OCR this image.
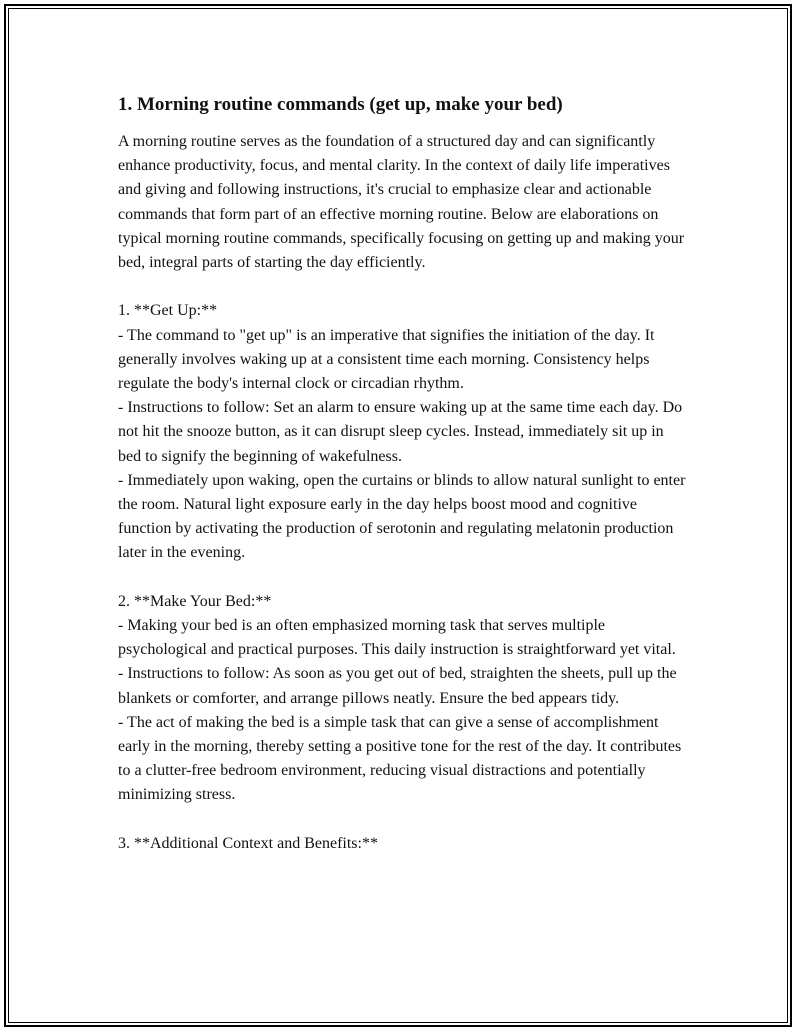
1. Morning routine commands (get up, make your bed)

A morning routine serves as the foundation of a structured day and can significantly enhance productivity, focus, and mental clarity. In the context of daily life imperatives and giving and following instructions, it's crucial to emphasize clear and actionable commands that form part of an effective morning routine. Below are elaborations on typical morning routine commands, specifically focusing on getting up and making your bed, integral parts of starting the day efficiently.

1. **Get Up:**

- The command to "get up" is an imperative that signifies the initiation of the day. It generally involves waking up at a consistent time each morning. Consistency helps regulate the body's internal clock or circadian rhythm.

- Instructions to follow: Set an alarm to ensure waking up at the same time each day. Do not hit the snooze button, as it can disrupt sleep cycles. Instead, immediately sit up in bed to signify the beginning of wakefulness.

- Immediately upon waking, open the curtains or blinds to allow natural sunlight to enter the room. Natural light exposure early in the day helps boost mood and cognitive function by activating the production of serotonin and regulating melatonin production later in the evening.

2. **Make Your Bed:**

- Making your bed is an often emphasized morning task that serves multiple psychological and practical purposes. This daily instruction is straightforward yet vital.

- Instructions to follow: As soon as you get out of bed, straighten the sheets, pull up the blankets or comforter, and arrange pillows neatly. Ensure the bed appears tidy.

- The act of making the bed is a simple task that can give a sense of accomplishment early in the morning, thereby setting a positive tone for the rest of the day. It contributes to a clutter-free bedroom environment, reducing visual distractions and potentially minimizing stress.

3. **Additional Context and Benefits:**
